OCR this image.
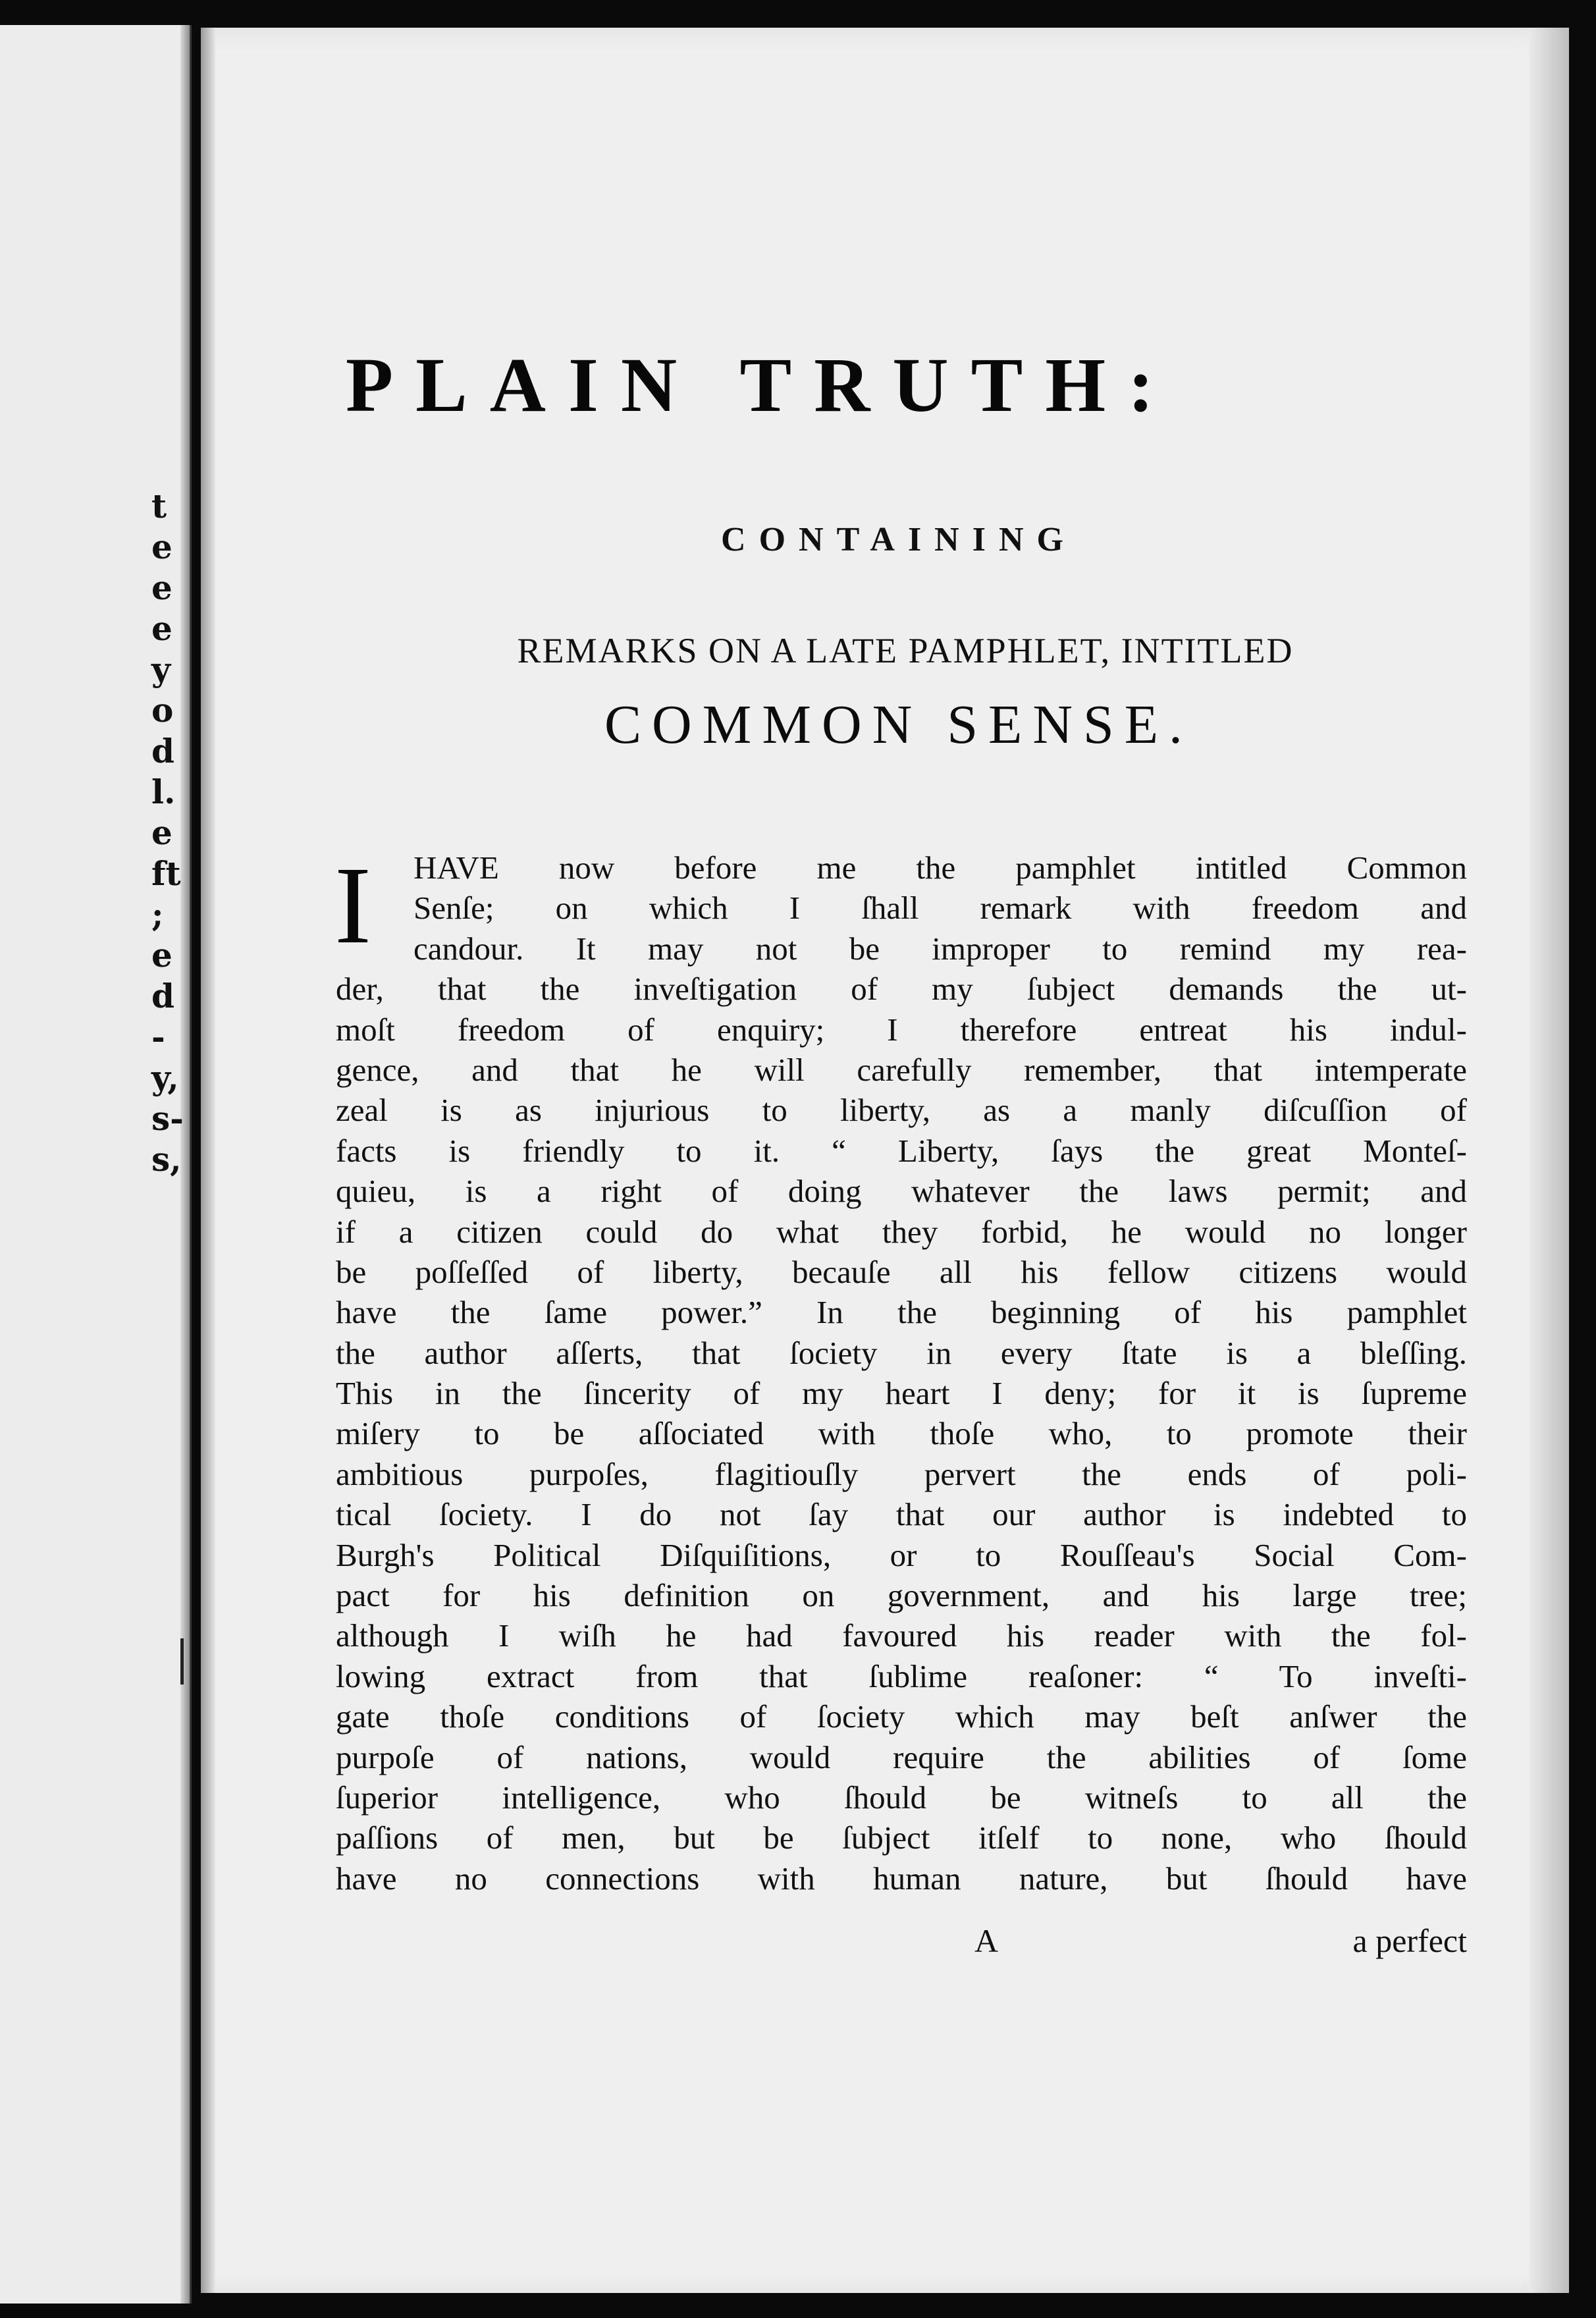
t
e
e
e
y
o
d
l.
e
ft
;
e
d
-
y,
s-
s,
PLAIN TRUTH:
CONTAINING
REMARKS ON A LATE PAMPHLET, INTITLED
COMMON SENSE.
I	HAVE now before me the pamphlet intitled Common
Senſe; on which I ſhall remark with freedom and
candour. It may not be improper to remind my rea-
der, that the inveſtigation of my ſubject demands the ut-
moſt freedom of enquiry; I therefore entreat his indul-
gence, and that he will carefully remember, that intemperate
zeal is as injurious to liberty, as a manly diſcuſſion of
facts is friendly to it. “ Liberty, ſays the great Monteſ-
quieu, is a right of doing whatever the laws permit; and
if a citizen could do what they forbid, he would no longer
be poſſeſſed of liberty, becauſe all his fellow citizens would
have the ſame power.” In the beginning of his pamphlet
the author aſſerts, that ſociety in every ſtate is a bleſſing.
This in the ſincerity of my heart I deny; for it is ſupreme
miſery to be aſſociated with thoſe who, to promote their
ambitious purpoſes, flagitiouſly pervert the ends of poli-
tical ſociety. I do not ſay that our author is indebted to
Burgh's Political Diſquiſitions, or to Rouſſeau's Social Com-
pact for his definition on government, and his large tree;
although I wiſh he had favoured his reader with the fol-
lowing extract from that ſublime reaſoner: “ To inveſti-
gate thoſe conditions of ſociety which may beſt anſwer the
purpoſe of nations, would require the abilities of ſome
ſuperior intelligence, who ſhould be witneſs to all the
paſſions of men, but be ſubject itſelf to none, who ſhould
have no connections with human nature, but ſhould have
A	a perfect
